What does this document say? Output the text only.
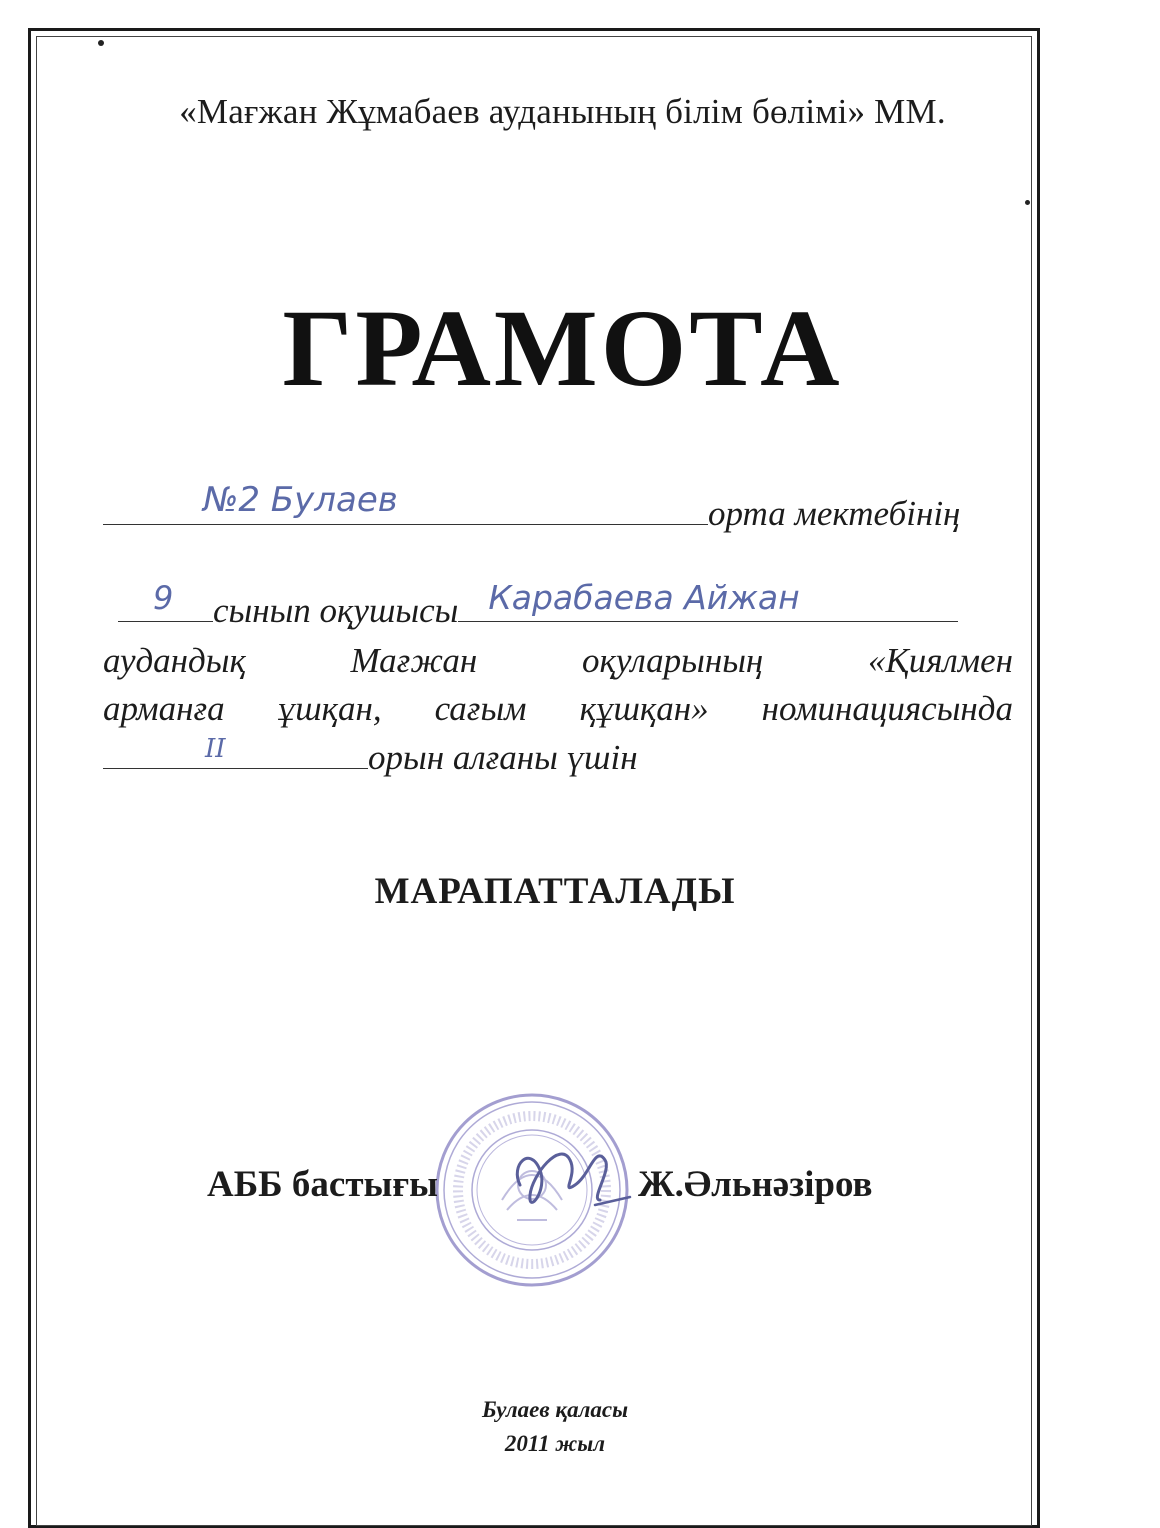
«Мағжан Жұмабаев ауданының білім бөлімі» ММ.
ГРАМОТА
№2 Булаев	орта мектебінің
9 сынып оқушысы Карабаева Айжан
аудандық Мағжан оқуларының «Қиялмен
арманға ұшқан, сағым құшқан» номинациясында
II	орын алғаны үшін
МАРАПАТТАЛАДЫ
АББ бастығы	Ж.Әльнәзіров
Булаев қаласы
2011 жыл
